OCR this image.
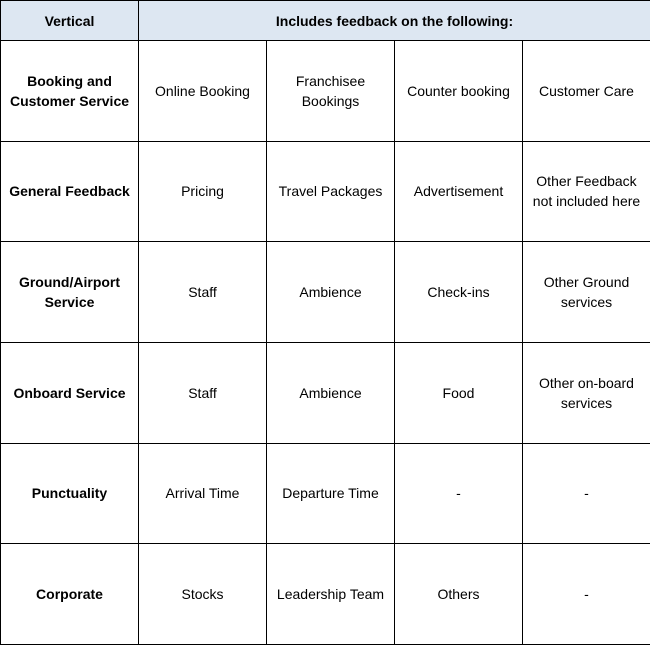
Vertical	Includes feedback on the following:			
Booking and Customer Service	Online Booking	Franchisee Bookings	Counter booking	Customer Care
General Feedback	Pricing	Travel Packages	Advertisement	Other Feedback not included here
Ground/Airport Service	Staff	Ambience	Check-ins	Other Ground services
Onboard Service	Staff	Ambience	Food	Other on-board services
Punctuality	Arrival Time	Departure Time	-	-
Corporate	Stocks	Leadership Team	Others	-
